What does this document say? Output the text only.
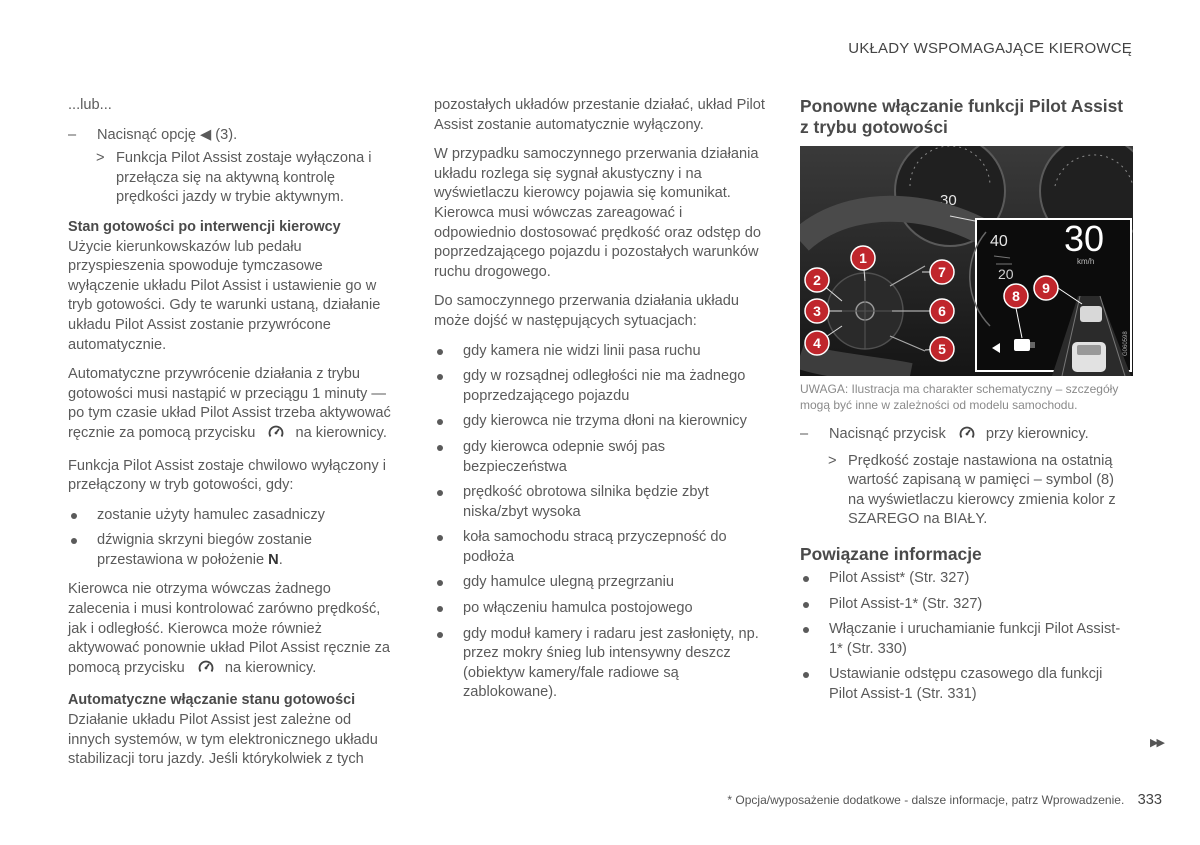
UKŁADY WSPOMAGAJĄCE KIEROWCĘ

...lub...

– Nacisnąć opcję ◀ (3).
> Funkcja Pilot Assist zostaje wyłączona i przełącza się na aktywną kontrolę prędkości jazdy w trybie aktywnym.
Stan gotowości po interwencji kierowcy

Użycie kierunkowskazów lub pedału przyspieszenia spowoduje tymczasowe wyłączenie układu Pilot Assist i ustawienie go w tryb gotowości. Gdy te warunki ustaną, działanie układu Pilot Assist zostanie przywrócone automatycznie.

Automatyczne przywrócenie działania z trybu gotowości musi nastąpić w przeciągu 1 minuty — po tym czasie układ Pilot Assist trzeba aktywować ręcznie za pomocą przycisku	na kierownicy.

Funkcja Pilot Assist zostaje chwilowo wyłączony i przełączony w tryb gotowości, gdy:

zostanie użyty hamulec zasadniczy
dźwignia skrzyni biegów zostanie przestawiona w położenie N.

Kierowca nie otrzyma wówczas żadnego zalecenia i musi kontrolować zarówno prędkość, jak i odległość. Kierowca może również aktywować ponownie układ Pilot Assist ręcznie za pomocą przycisku	na kierownicy.

Automatyczne włączanie stanu gotowości

Działanie układu Pilot Assist jest zależne od innych systemów, w tym elektronicznego układu stabilizacji toru jazdy. Jeśli którykolwiek z tych

pozostałych układów przestanie działać, układ Pilot Assist zostanie automatycznie wyłączony.

W przypadku samoczynnego przerwania działania układu rozlega się sygnał akustyczny i na wyświetlaczu kierowcy pojawia się komunikat. Kierowca musi wówczas zareagować i odpowiednio dostosować prędkość oraz odstęp do poprzedzającego pojazdu i pozostałych warunków ruchu drogowego.

Do samoczynnego przerwania działania układu może dojść w następujących sytuacjach:

gdy kamera nie widzi linii pasa ruchu
gdy w rozsądnej odległości nie ma żadnego poprzedzającego pojazdu
gdy kierowca nie trzyma dłoni na kierownicy
gdy kierowca odepnie swój pas bezpieczeństwa
prędkość obrotowa silnika będzie zbyt niska/zbyt wysoka
koła samochodu stracą przyczepność do podłoża
gdy hamulce ulegną przegrzaniu
po włączeniu hamulca postojowego
gdy moduł kamery i radaru jest zasłonięty, np. przez mokry śnieg lub intensywny deszcz (obiektyw kamery/fale radiowe są zablokowane).
Ponowne włączanie funkcji Pilot Assist z trybu gotowości
30
40 30
km/h
20
G060598
1
2
3
4	5
6
7
8 9
UWAGA: Ilustracja ma charakter schematyczny – szczegóły mogą być inne w zależności od modelu samochodu.
– Nacisnąć przycisk	przy kierownicy.
> Prędkość zostaje nastawiona na ostatnią wartość zapisaną w pamięci – symbol (8) na wyświetlaczu kierowcy zmienia kolor z SZAREGO na BIAŁY.
Powiązane informacje
Pilot Assist* (Str. 327)
Pilot Assist-1* (Str. 327)
Włączanie i uruchamianie funkcji Pilot Assist-1* (Str. 330)
Ustawianie odstępu czasowego dla funkcji Pilot Assist-1 (Str. 331)
▶▶
* Opcja/wyposażenie dodatkowe - dalsze informacje, patrz Wprowadzenie. 333
